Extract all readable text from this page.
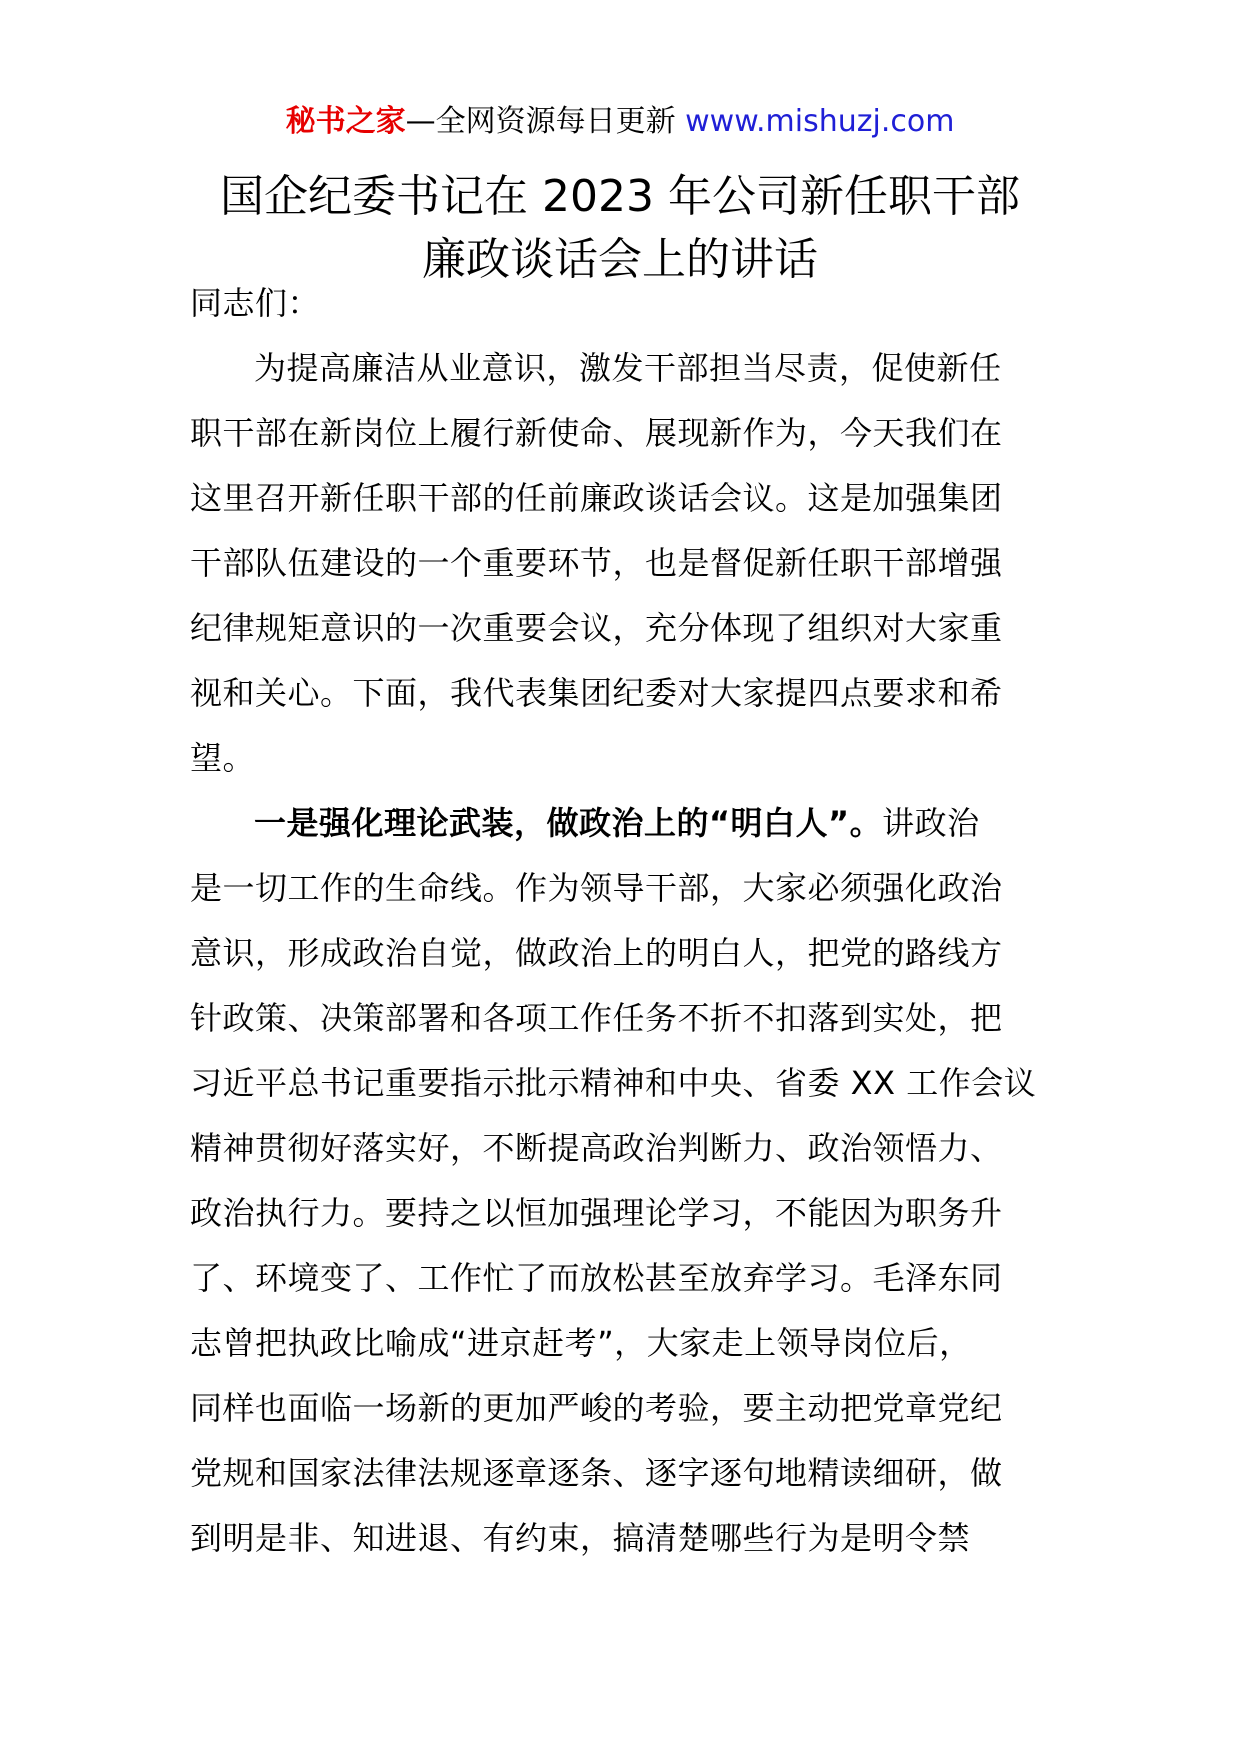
秘书之家—全网资源每日更新 www.mishuzj.com
国企纪委书记在 2023 年公司新任职干部
廉政谈话会上的讲话
同志们：
为提高廉洁从业意识，激发干部担当尽责，促使新任
职干部在新岗位上履行新使命、展现新作为，今天我们在
这里召开新任职干部的任前廉政谈话会议。这是加强集团
干部队伍建设的一个重要环节，也是督促新任职干部增强
纪律规矩意识的一次重要会议，充分体现了组织对大家重
视和关心。下面，我代表集团纪委对大家提四点要求和希
望。
一是强化理论武装，做政治上的“明白人”。讲政治
是一切工作的生命线。作为领导干部，大家必须强化政治
意识，形成政治自觉，做政治上的明白人，把党的路线方
针政策、决策部署和各项工作任务不折不扣落到实处，把
习近平总书记重要指示批示精神和中央、省委 XX 工作会议
精神贯彻好落实好，不断提高政治判断力、政治领悟力、
政治执行力。要持之以恒加强理论学习，不能因为职务升
了、环境变了、工作忙了而放松甚至放弃学习。毛泽东同
志曾把执政比喻成“进京赶考”，大家走上领导岗位后，
同样也面临一场新的更加严峻的考验，要主动把党章党纪
党规和国家法律法规逐章逐条、逐字逐句地精读细研，做
到明是非、知进退、有约束，搞清楚哪些行为是明令禁
